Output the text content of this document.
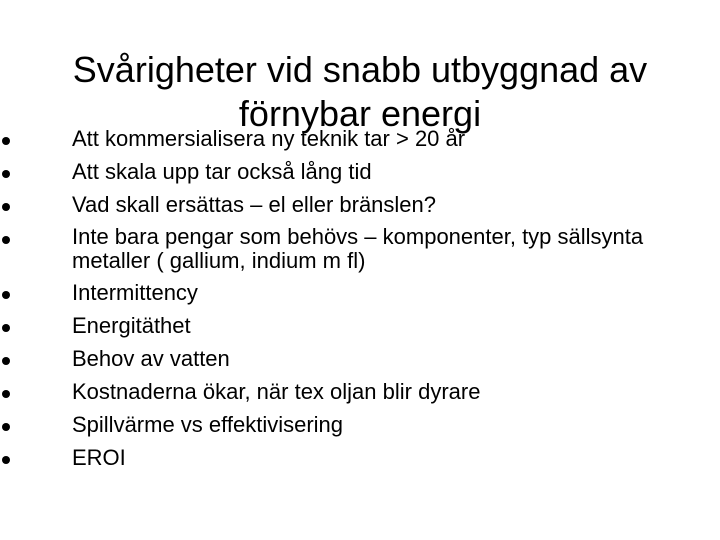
Svårigheter vid snabb utbyggnad av
förnybar energi
Att kommersialisera ny teknik tar > 20 år
Att skala upp tar också lång tid
Vad skall ersättas – el eller bränslen?
Inte bara pengar som behövs – komponenter, typ sällsynta metaller ( gallium, indium m fl)
Intermittency
Energitäthet
Behov av vatten
Kostnaderna ökar, när tex oljan blir dyrare
Spillvärme vs effektivisering
EROI
